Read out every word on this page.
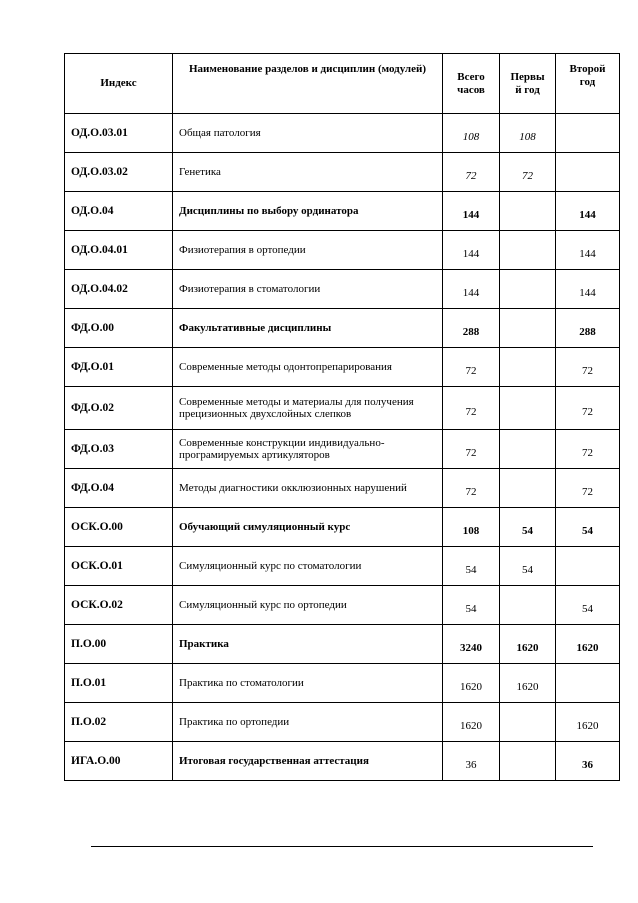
Индекс	Наименование разделов и дисциплин (модулей)	Всего часов	Первы й год	Второй год
ОД.О.03.01	Общая патология	108	108	
ОД.О.03.02	Генетика	72	72	
ОД.О.04	Дисциплины по выбору ординатора	144		144
ОД.О.04.01	Физиотерапия в ортопедии	144		144
ОД.О.04.02	Физиотерапия в стоматологии	144		144
ФД.О.00	Факультативные дисциплины	288		288
ФД.О.01	Современные методы одонтопрепарирования	72		72
ФД.О.02	Современные методы и материалы для получения прецизионных двухслойных слепков	72		72
ФД.О.03	Современные конструкции индивидуально-програмируемых артикуляторов	72		72
ФД.О.04	Методы диагностики окклюзионных нарушений	72		72
ОСК.О.00	Обучающий симуляционный курс	108	54	54
ОСК.О.01	Симуляционный курс по стоматологии	54	54	
ОСК.О.02	Симуляционный курс по ортопедии	54		54
П.О.00	Практика	3240	1620	1620
П.О.01	Практика по стоматологии	1620	1620	
П.О.02	Практика по ортопедии	1620		1620
ИГА.О.00	Итоговая государственная аттестация	36		36
